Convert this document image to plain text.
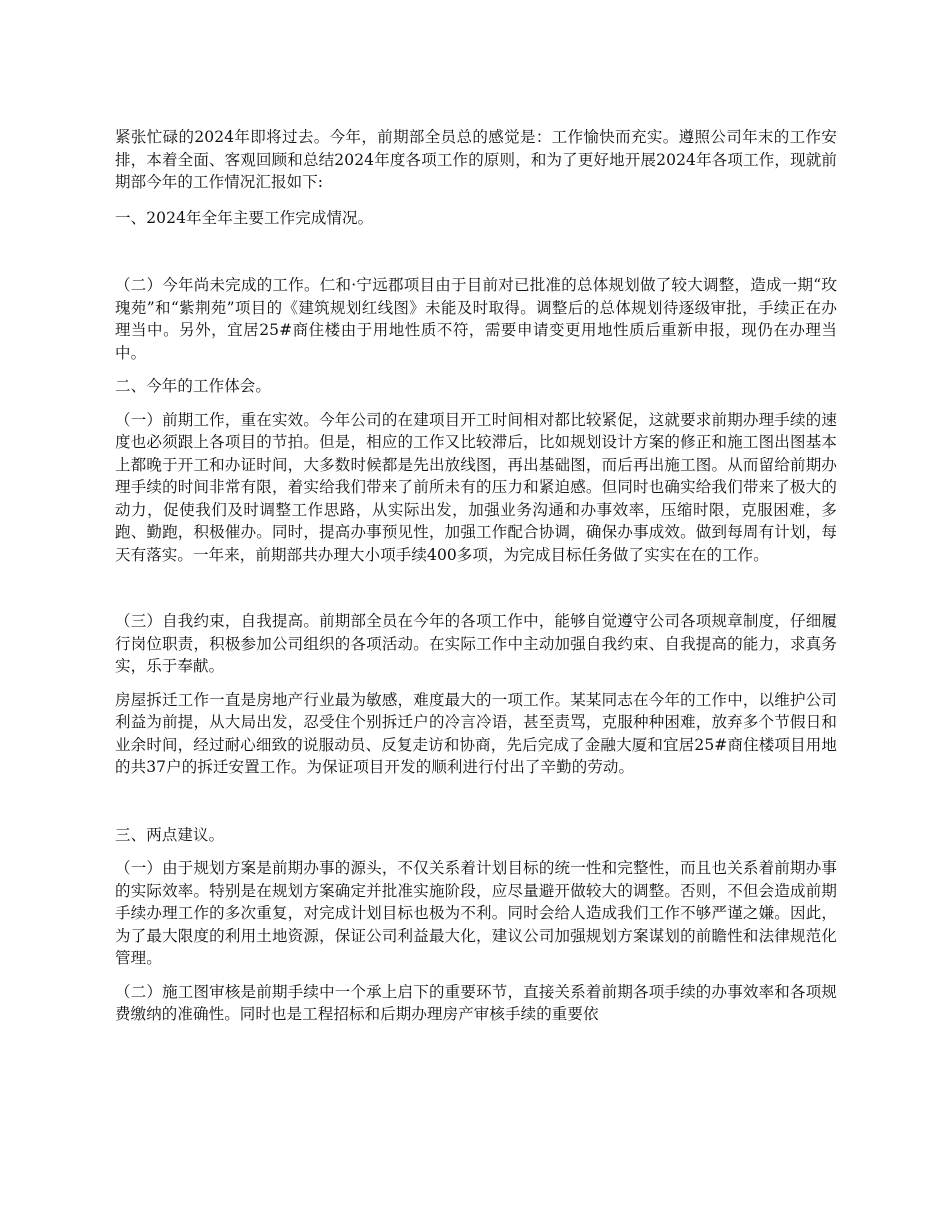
紧张忙碌的2024年即将过去。今年，前期部全员总的感觉是：工作愉快而充实。遵照公司年末的工作安排，本着全面、客观回顾和总结2024年度各项工作的原则，和为了更好地开展2024年各项工作，现就前期部今年的工作情况汇报如下:

一、2024年全年主要工作完成情况。

（二）今年尚未完成的工作。仁和·宁远郡项目由于目前对已批准的总体规划做了较大调整，造成一期“玫瑰苑”和“紫荆苑”项目的《建筑规划红线图》未能及时取得。调整后的总体规划待逐级审批，手续正在办理当中。另外，宜居25#商住楼由于用地性质不符，需要申请变更用地性质后重新申报，现仍在办理当中。

二、今年的工作体会。

（一）前期工作，重在实效。今年公司的在建项目开工时间相对都比较紧促，这就要求前期办理手续的速度也必须跟上各项目的节拍。但是，相应的工作又比较滞后，比如规划设计方案的修正和施工图出图基本上都晚于开工和办证时间，大多数时候都是先出放线图，再出基础图，而后再出施工图。从而留给前期办理手续的时间非常有限，着实给我们带来了前所未有的压力和紧迫感。但同时也确实给我们带来了极大的动力，促使我们及时调整工作思路，从实际出发，加强业务沟通和办事效率，压缩时限，克服困难，多跑、勤跑，积极催办。同时，提高办事预见性，加强工作配合协调，确保办事成效。做到每周有计划，每天有落实。一年来，前期部共办理大小项手续400多项，为完成目标任务做了实实在在的工作。

（三）自我约束，自我提高。前期部全员在今年的各项工作中，能够自觉遵守公司各项规章制度，仔细履行岗位职责，积极参加公司组织的各项活动。在实际工作中主动加强自我约束、自我提高的能力，求真务实，乐于奉献。

房屋拆迁工作一直是房地产行业最为敏感，难度最大的一项工作。某某同志在今年的工作中，以维护公司利益为前提，从大局出发，忍受住个别拆迁户的冷言冷语，甚至责骂，克服种种困难，放弃多个节假日和业余时间，经过耐心细致的说服动员、反复走访和协商，先后完成了金融大厦和宜居25#商住楼项目用地的共37户的拆迁安置工作。为保证项目开发的顺利进行付出了辛勤的劳动。

三、两点建议。

（一）由于规划方案是前期办事的源头，不仅关系着计划目标的统一性和完整性，而且也关系着前期办事的实际效率。特别是在规划方案确定并批准实施阶段，应尽量避开做较大的调整。否则，不但会造成前期手续办理工作的多次重复，对完成计划目标也极为不利。同时会给人造成我们工作不够严谨之嫌。因此，为了最大限度的利用土地资源，保证公司利益最大化，建议公司加强规划方案谋划的前瞻性和法律规范化管理。

（二）施工图审核是前期手续中一个承上启下的重要环节，直接关系着前期各项手续的办事效率和各项规费缴纳的准确性。同时也是工程招标和后期办理房产审核手续的重要依
